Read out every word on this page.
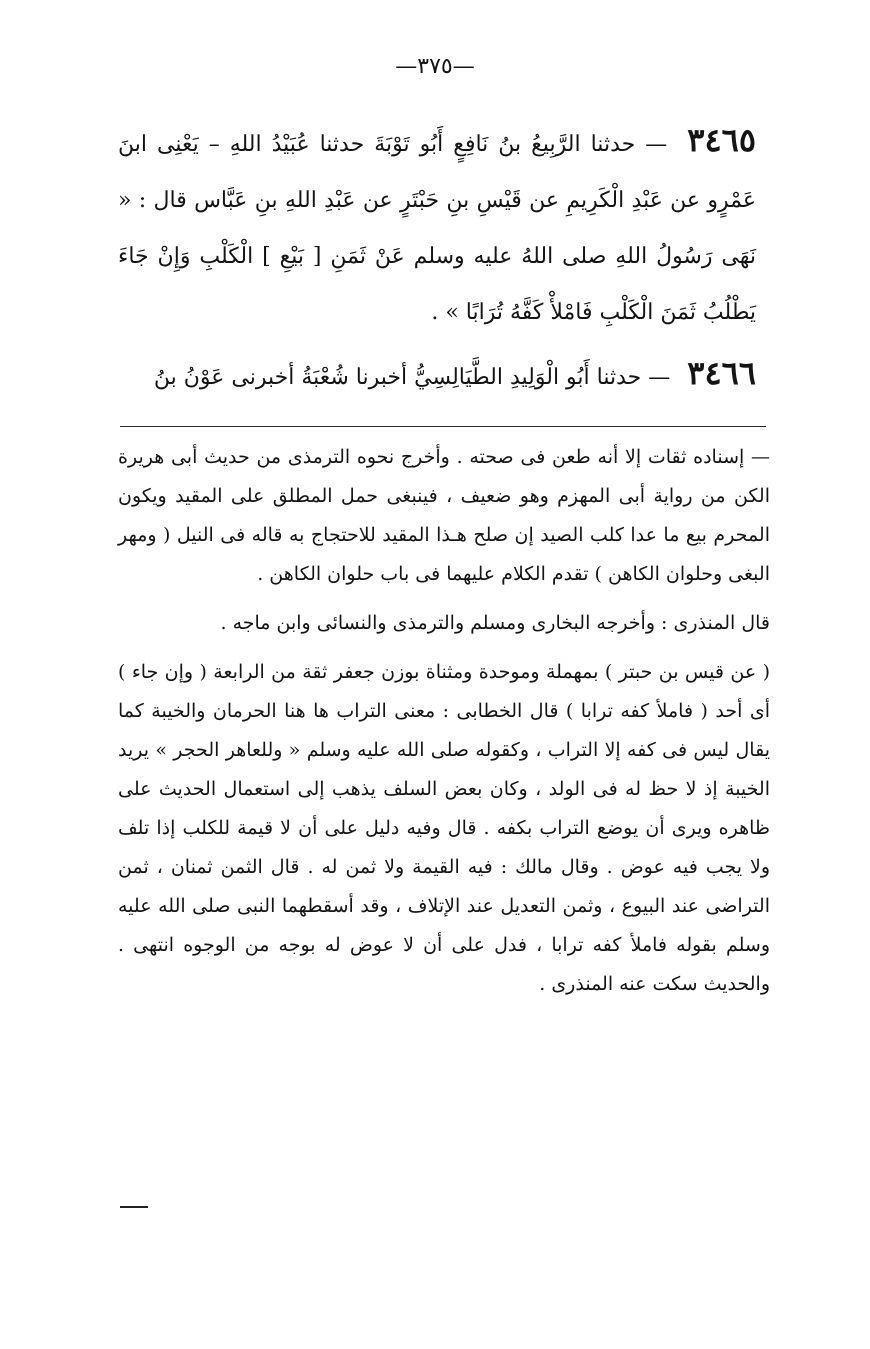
—٣٧٥—

٣٤٦٥ — حدثنا الرَّبِيعُ بنُ نَافِعٍ أَبُو تَوْبَةَ حدثنا عُبَيْدُ اللهِ – يَعْنِى ابنَ عَمْرٍو عن عَبْدِ الْكَرِيمِ عن قَيْسِ بنِ حَبْتَرٍ عن عَبْدِ اللهِ بنِ عَبَّاس قال : « نَهَى رَسُولُ اللهِ صلى اللهُ عليه وسلم عَنْ ثَمَنِ [ بَيْعِ ] الْكَلْبِ وَإِنْ جَاءَ يَطْلُبُ ثَمَنَ الْكَلْبِ فَامْلأْ كَفَّهُ تُرَابًا » .

٣٤٦٦ — حدثنا أَبُو الْوَلِيدِ الطَّيَالِسِيُّ أخبرنا شُعْبَةُ أخبرنى عَوْنُ بنُ

— إسناده ثقات إلا أنه طعن فى صحته . وأخرج نحوه الترمذى من حديث أبى هريرة الكن من رواية أبى المهزم وهو ضعيف ، فينبغى حمل المطلق على المقيد ويكون المحرم بيع ما عدا كلب الصيد إن صلح هـذا المقيد للاحتجاج به قاله فى النيل ( ومهر البغى وحلوان الكاهن ) تقدم الكلام عليهما فى باب حلوان الكاهن .

قال المنذرى : وأخرجه البخارى ومسلم والترمذى والنسائى وابن ماجه .

( عن قيس بن حبتر ) بمهملة وموحدة ومثناة بوزن جعفر ثقة من الرابعة ( وإن جاء ) أى أحد ( فاملأ كفه ترابا ) قال الخطابى : معنى التراب ها هنا الحرمان والخيبة كما يقال ليس فى كفه إلا التراب ، وكقوله صلى الله عليه وسلم « وللعاهر الحجر » يريد الخيبة إذ لا حظ له فى الولد ، وكان بعض السلف يذهب إلى استعمال الحديث على ظاهره ويرى أن يوضع التراب بكفه . قال وفيه دليل على أن لا قيمة للكلب إذا تلف ولا يجب فيه عوض . وقال مالك : فيه القيمة ولا ثمن له . قال الثمن ثمنان ، ثمن التراضى عند البيوع ، وثمن التعديل عند الإتلاف ، وقد أسقطهما النبى صلى الله عليه وسلم بقوله فاملأ كفه ترابا ، فدل على أن لا عوض له بوجه من الوجوه انتهى . والحديث سكت عنه المنذرى .
